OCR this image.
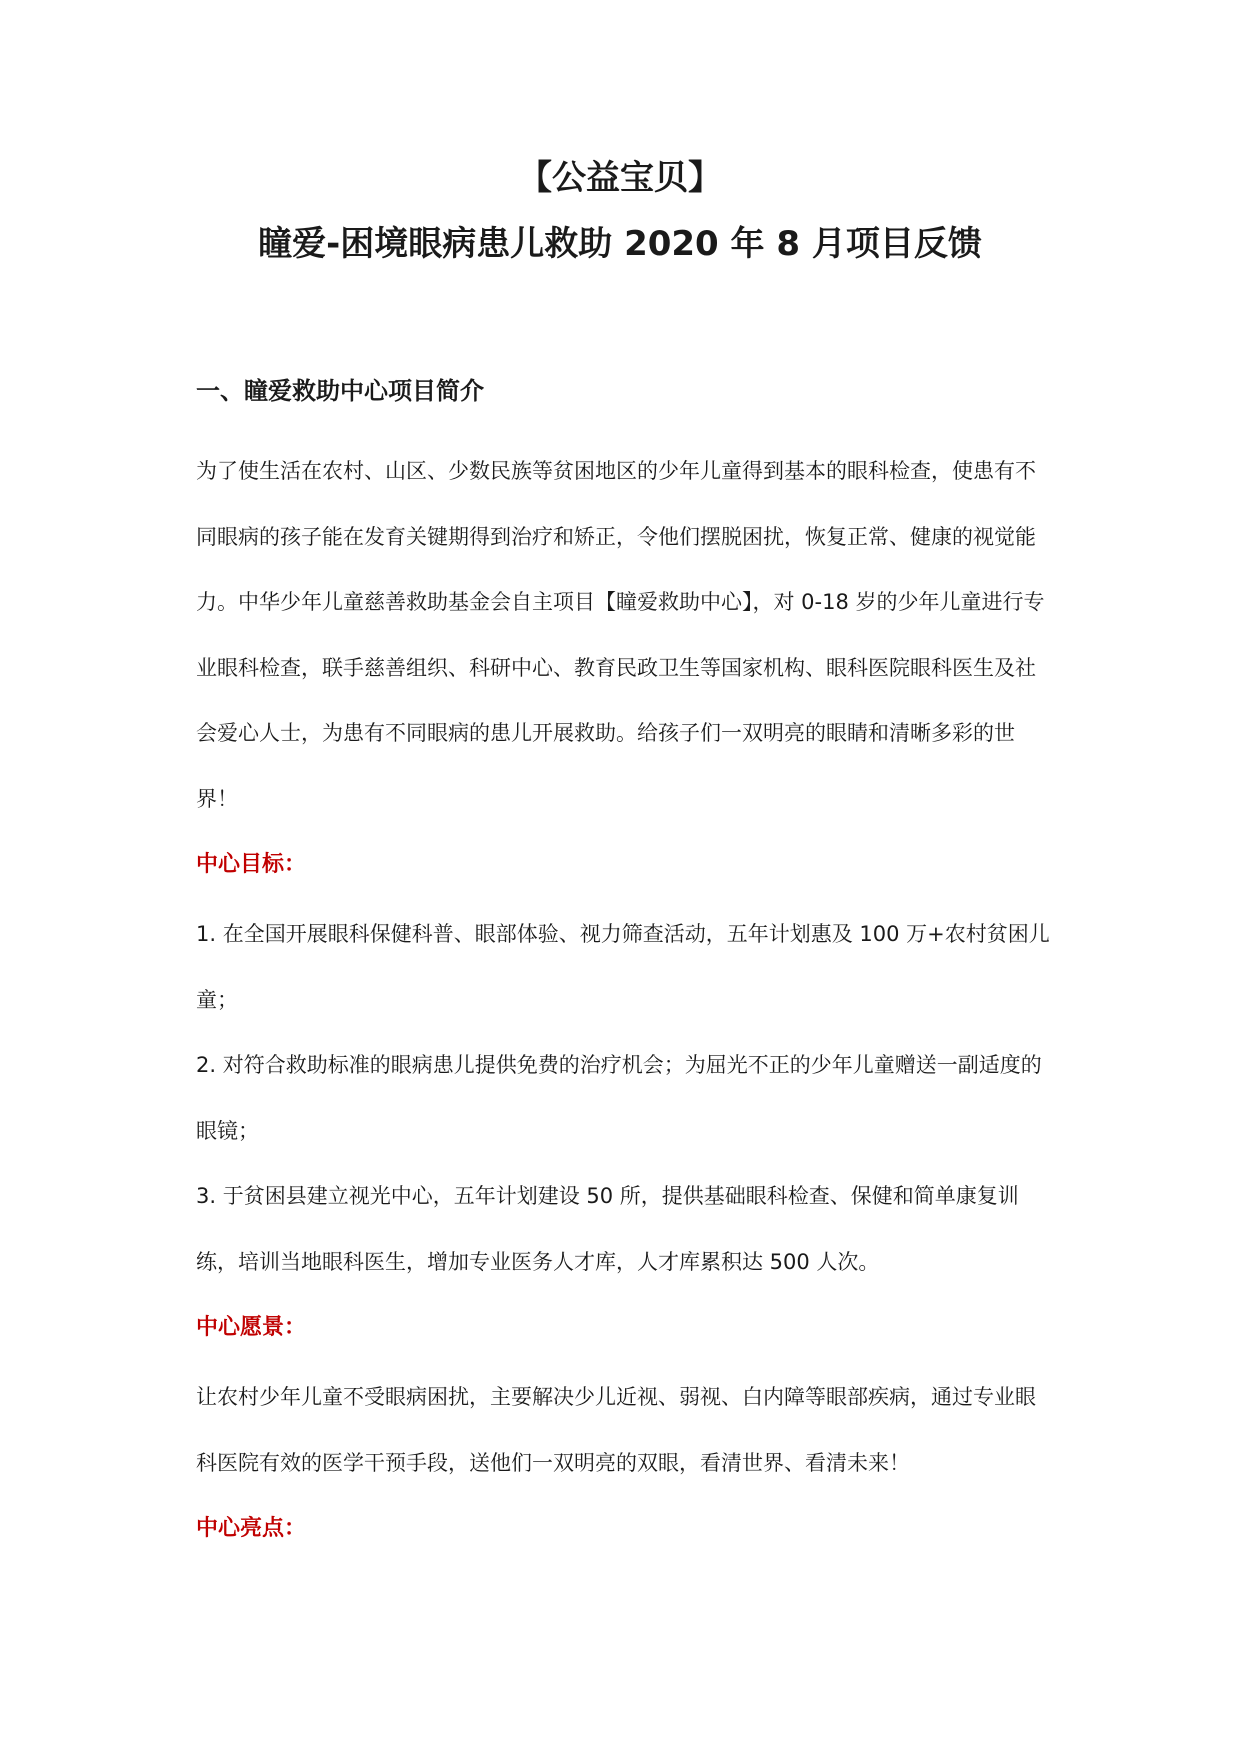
【公益宝贝】
瞳爱-困境眼病患儿救助 2020 年 8 月项目反馈
一、瞳爱救助中心项目简介

为了使生活在农村、山区、少数民族等贫困地区的少年儿童得到基本的眼科检查，使患有不同眼病的孩子能在发育关键期得到治疗和矫正，令他们摆脱困扰，恢复正常、健康的视觉能力。中华少年儿童慈善救助基金会自主项目【瞳爱救助中心】，对 0-18 岁的少年儿童进行专业眼科检查，联手慈善组织、科研中心、教育民政卫生等国家机构、眼科医院眼科医生及社会爱心人士，为患有不同眼病的患儿开展救助。给孩子们一双明亮的眼睛和清晰多彩的世界！

中心目标：

1. 在全国开展眼科保健科普、眼部体验、视力筛查活动，五年计划惠及 100 万+农村贫困儿童；

2. 对符合救助标准的眼病患儿提供免费的治疗机会；为屈光不正的少年儿童赠送一副适度的眼镜；

3. 于贫困县建立视光中心，五年计划建设 50 所，提供基础眼科检查、保健和简单康复训练，培训当地眼科医生，增加专业医务人才库，人才库累积达 500 人次。

中心愿景：

让农村少年儿童不受眼病困扰，主要解决少儿近视、弱视、白内障等眼部疾病，通过专业眼科医院有效的医学干预手段，送他们一双明亮的双眼，看清世界、看清未来！

中心亮点：
